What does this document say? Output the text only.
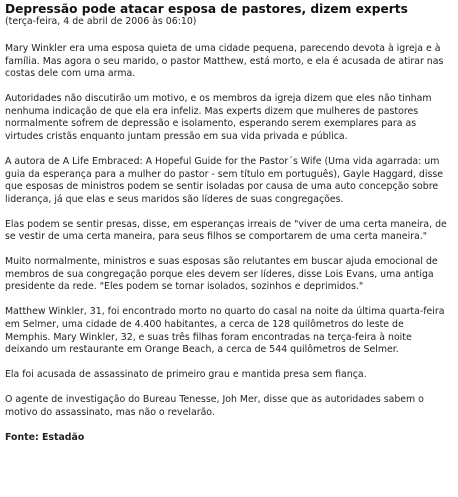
Depressão pode atacar esposa de pastores, dizem experts
(terça-feira, 4 de abril de 2006 às 06:10)

Mary Winkler era uma esposa quieta de uma cidade pequena, parecendo devota à igreja e à família. Mas agora o seu marido, o pastor Matthew, está morto, e ela é acusada de atirar nas costas dele com uma arma.

Autoridades não discutirão um motivo, e os membros da igreja dizem que eles não tinham nenhuma indicação de que ela era infeliz. Mas experts dizem que mulheres de pastores normalmente sofrem de depressão e isolamento, esperando serem exemplares para as virtudes cristãs enquanto juntam pressão em sua vida privada e pública.

A autora de A Life Embraced: A Hopeful Guide for the Pastor´s Wife (Uma vida agarrada: um guia da esperança para a mulher do pastor - sem título em português), Gayle Haggard, disse que esposas de ministros podem se sentir isoladas por causa de uma auto concepção sobre liderança, já que elas e seus maridos são líderes de suas congregações.

Elas podem se sentir presas, disse, em esperanças irreais de "viver de uma certa maneira, de se vestir de uma certa maneira, para seus filhos se comportarem de uma certa maneira."

Muito normalmente, ministros e suas esposas são relutantes em buscar ajuda emocional de membros de sua congregação porque eles devem ser líderes, disse Lois Evans, uma antiga presidente da rede. "Eles podem se tornar isolados, sozinhos e deprimidos."

Matthew Winkler, 31, foi encontrado morto no quarto do casal na noite da última quarta-feira em Selmer, uma cidade de 4.400 habitantes, a cerca de 128 quilômetros do leste de Memphis. Mary Winkler, 32, e suas três filhas foram encontradas na terça-feira à noite deixando um restaurante em Orange Beach, a cerca de 544 quilômetros de Selmer.

Ela foi acusada de assassinato de primeiro grau e mantida presa sem fiança.

O agente de investigação do Bureau Tenesse, Joh Mer, disse que as autoridades sabem o motivo do assassinato, mas não o revelarão.

Fonte: Estadão
